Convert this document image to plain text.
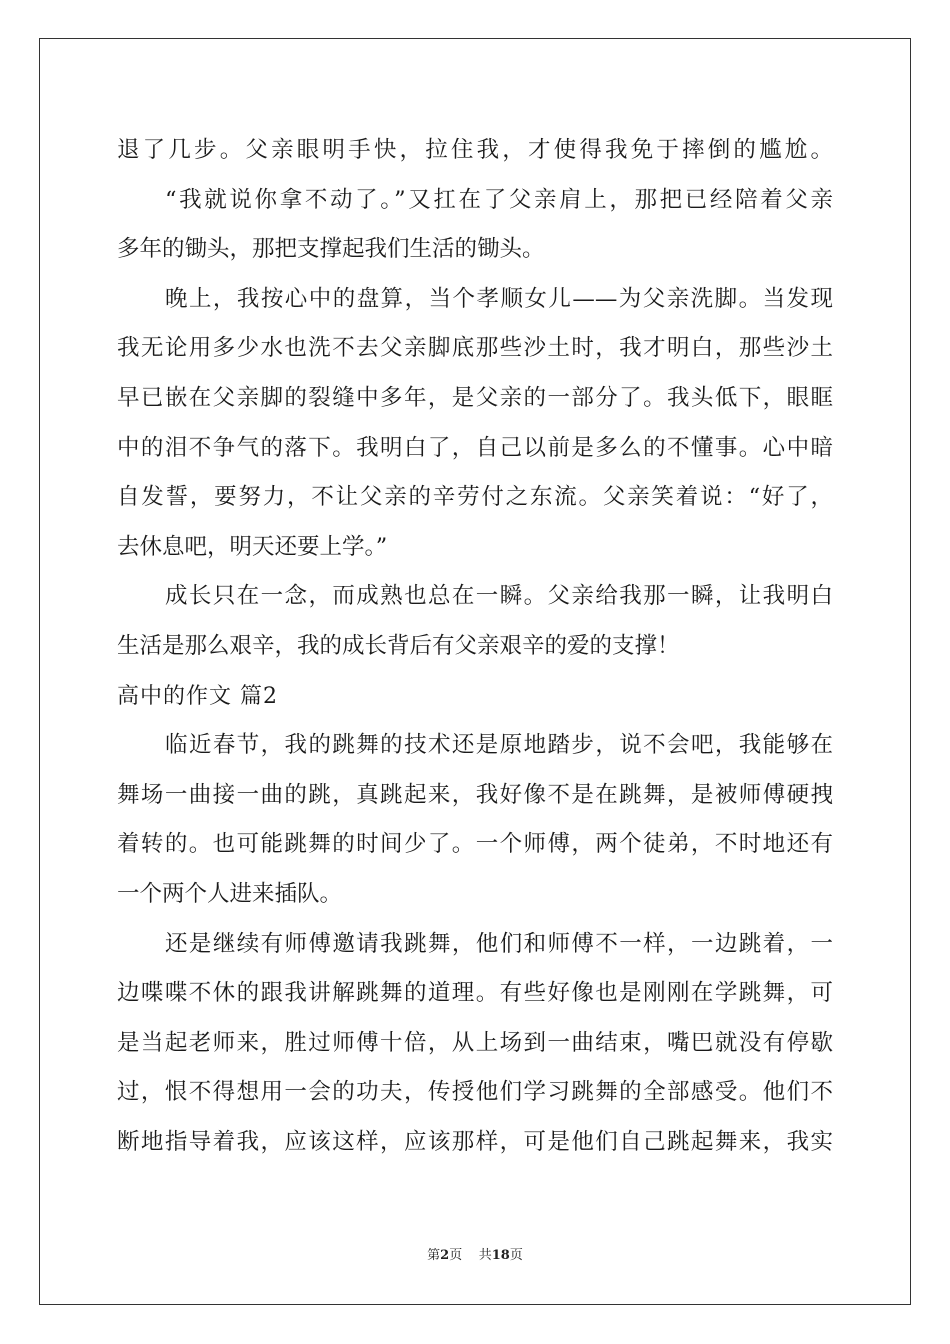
退了几步。父亲眼明手快，拉住我，才使得我免于摔倒的尴尬。
“我就说你拿不动了。”又扛在了父亲肩上，那把已经陪着父亲
多年的锄头，那把支撑起我们生活的锄头。
晚上，我按心中的盘算，当个孝顺女儿——为父亲洗脚。当发现
我无论用多少水也洗不去父亲脚底那些沙土时，我才明白，那些沙土
早已嵌在父亲脚的裂缝中多年，是父亲的一部分了。我头低下，眼眶
中的泪不争气的落下。我明白了，自己以前是多么的不懂事。心中暗
自发誓，要努力，不让父亲的辛劳付之东流。父亲笑着说：“好了，
去休息吧，明天还要上学。”
成长只在一念，而成熟也总在一瞬。父亲给我那一瞬，让我明白
生活是那么艰辛，我的成长背后有父亲艰辛的爱的支撑！
高中的作文 篇2
临近春节，我的跳舞的技术还是原地踏步，说不会吧，我能够在
舞场一曲接一曲的跳，真跳起来，我好像不是在跳舞，是被师傅硬拽
着转的。也可能跳舞的时间少了。一个师傅，两个徒弟，不时地还有
一个两个人进来插队。
还是继续有师傅邀请我跳舞，他们和师傅不一样，一边跳着，一
边喋喋不休的跟我讲解跳舞的道理。有些好像也是刚刚在学跳舞，可
是当起老师来，胜过师傅十倍，从上场到一曲结束，嘴巴就没有停歇
过，恨不得想用一会的功夫，传授他们学习跳舞的全部感受。他们不
断地指导着我，应该这样，应该那样，可是他们自己跳起舞来，我实
第2页    共18页
